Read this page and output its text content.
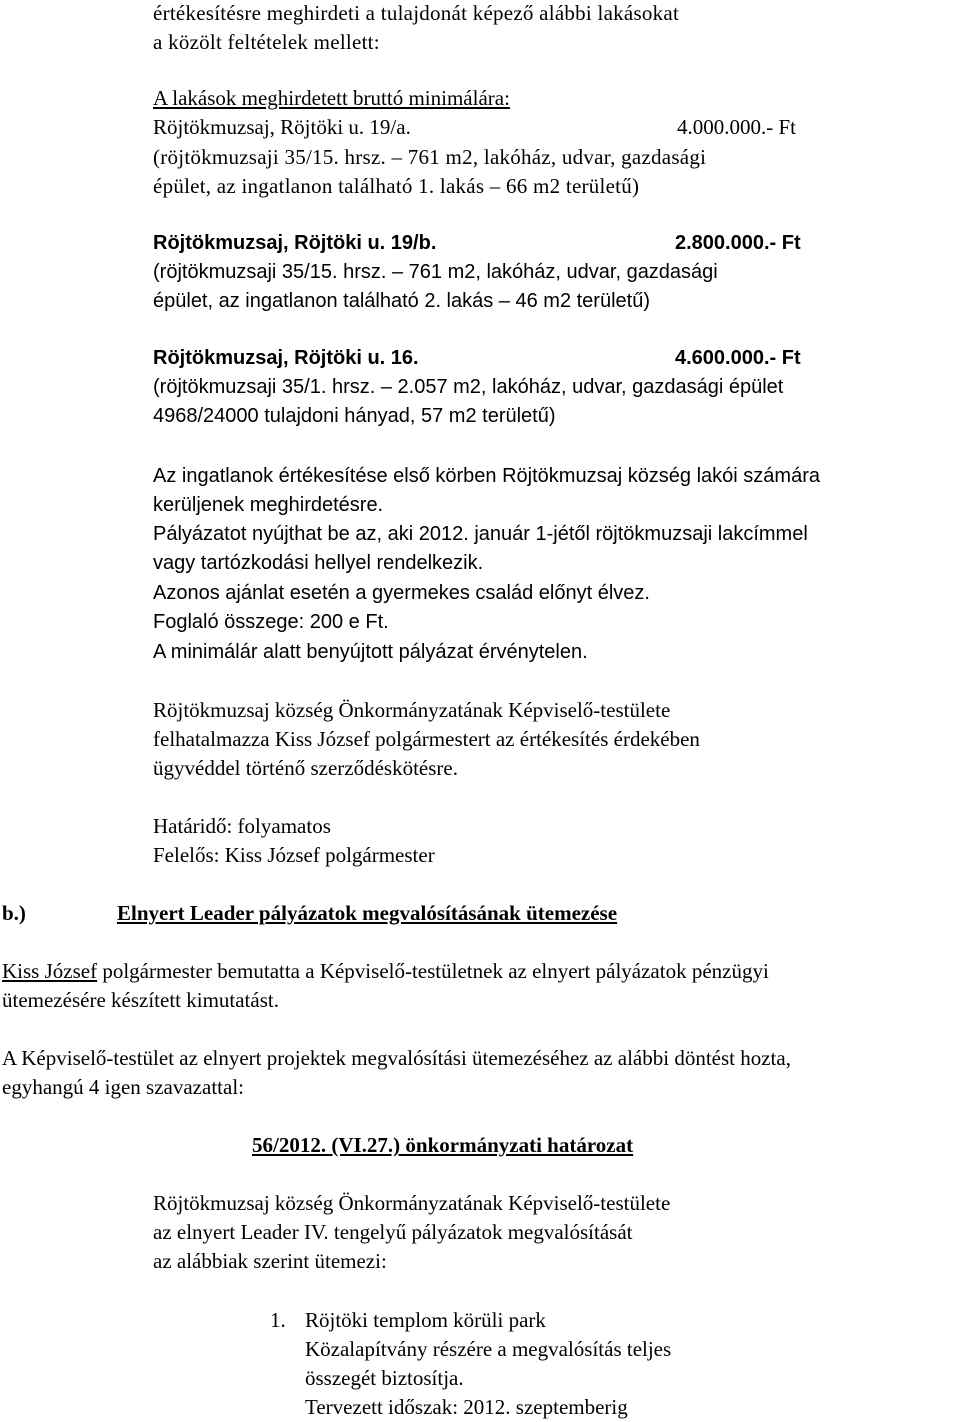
értékesítésre meghirdeti a tulajdonát képező alábbi lakásokat
a közölt feltételek mellett:
A lakások meghirdetett bruttó minimálára:
Röjtökmuzsaj, Röjtöki u. 19/a.	4.000.000.- Ft
(röjtökmuzsaji 35/15. hrsz. – 761 m2, lakóház, udvar, gazdasági
épület, az ingatlanon található 1. lakás – 66 m2 területű)
Röjtökmuzsaj, Röjtöki u. 19/b.	2.800.000.- Ft
(röjtökmuzsaji 35/15. hrsz. – 761 m2, lakóház, udvar, gazdasági
épület, az ingatlanon található 2. lakás – 46 m2 területű)
Röjtökmuzsaj, Röjtöki u. 16.	4.600.000.- Ft
(röjtökmuzsaji 35/1. hrsz. – 2.057 m2, lakóház, udvar, gazdasági épület
4968/24000 tulajdoni hányad, 57 m2 területű)
Az ingatlanok értékesítése első körben Röjtökmuzsaj község lakói számára
kerüljenek meghirdetésre.
Pályázatot nyújthat be az, aki 2012. január 1-jétől röjtökmuzsaji lakcímmel
vagy tartózkodási hellyel rendelkezik.
Azonos ajánlat esetén a gyermekes család előnyt élvez.
Foglaló összege: 200 e Ft.
A minimálár alatt benyújtott pályázat érvénytelen.
Röjtökmuzsaj község Önkormányzatának Képviselő-testülete
felhatalmazza Kiss József polgármestert az értékesítés érdekében
ügyvéddel történő szerződéskötésre.
Határidő: folyamatos
Felelős: Kiss József polgármester
b.)	Elnyert Leader pályázatok megvalósításának ütemezése
Kiss József polgármester bemutatta a Képviselő-testületnek az elnyert pályázatok pénzügyi
ütemezésére készített kimutatást.
A Képviselő-testület az elnyert projektek megvalósítási ütemezéséhez az alábbi döntést hozta,
egyhangú 4 igen szavazattal:
56/2012. (VI.27.) önkormányzati határozat
Röjtökmuzsaj község Önkormányzatának Képviselő-testülete
az elnyert Leader IV. tengelyű pályázatok megvalósítását
az alábbiak szerint ütemezi:
1. Röjtöki templom körüli park
Közalapítvány részére a megvalósítás teljes
összegét biztosítja.
Tervezett időszak: 2012. szeptemberig
